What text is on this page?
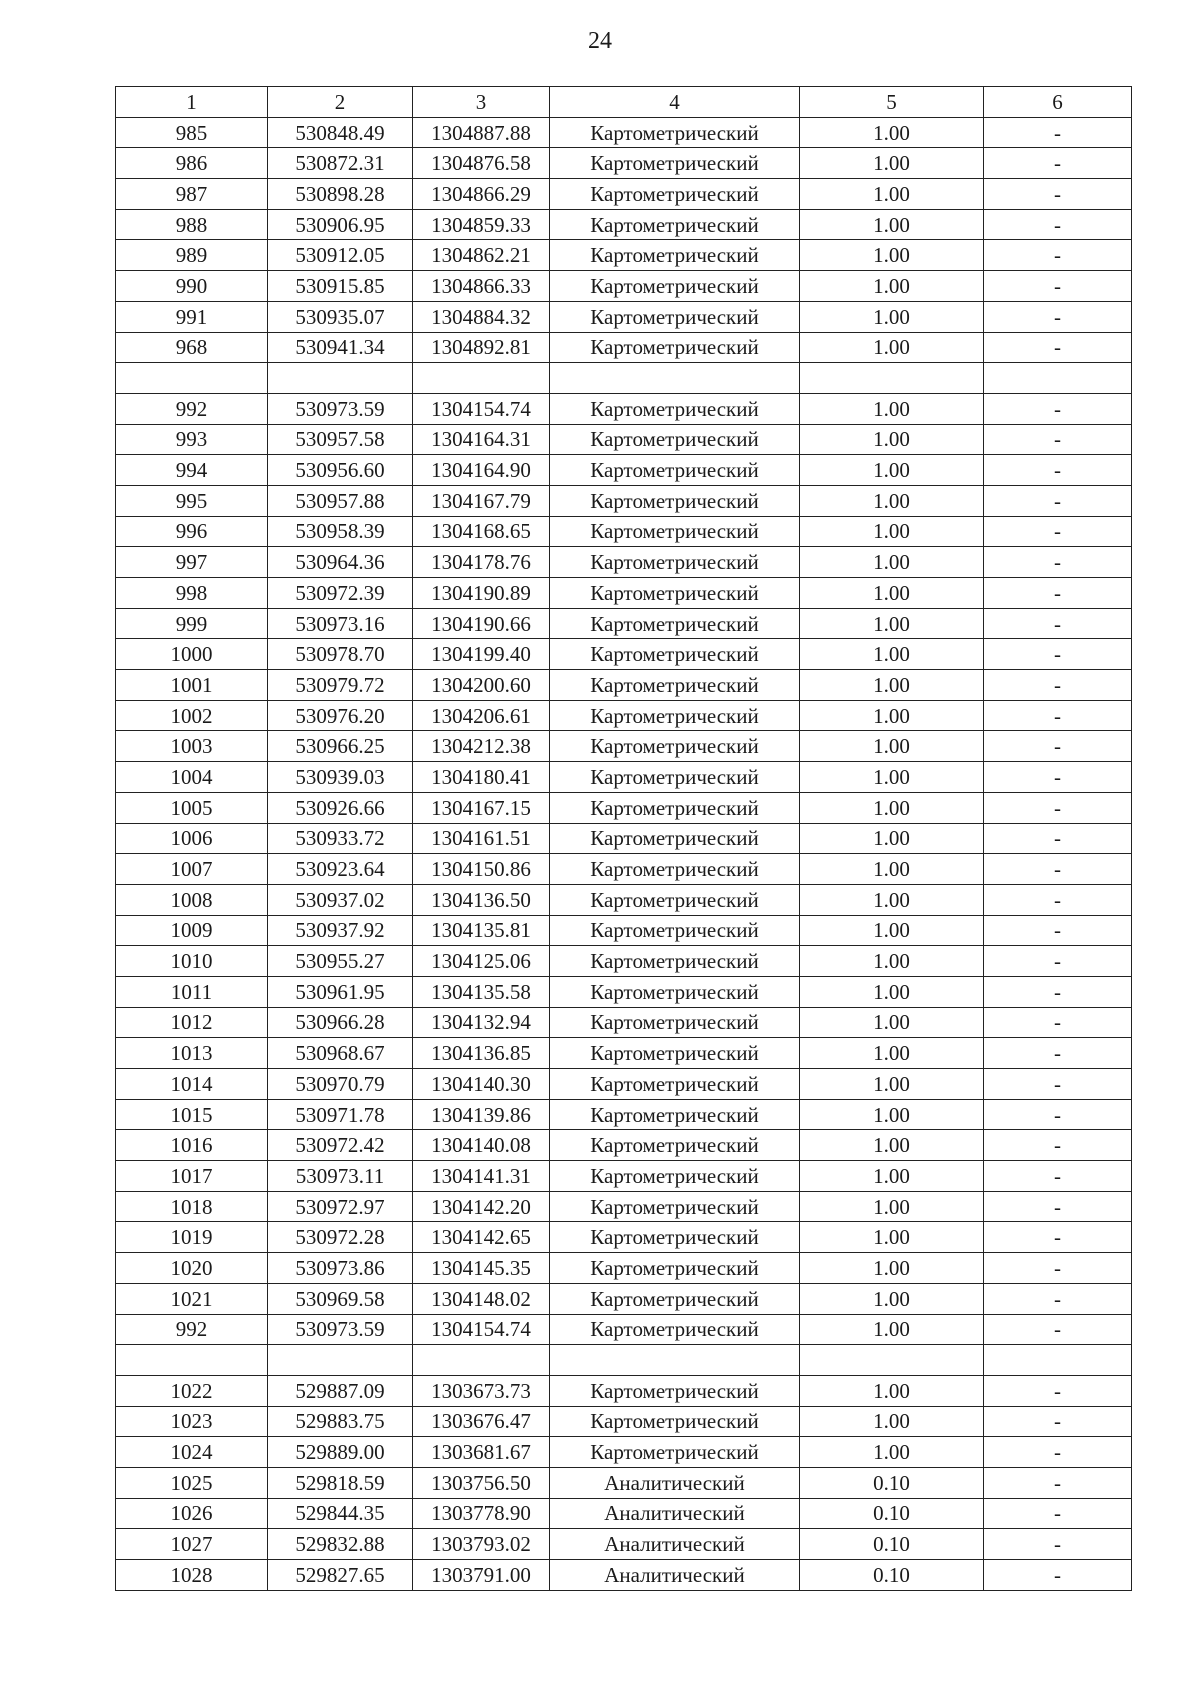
24
1	2	3	4	5	6
985	530848.49	1304887.88	Картометрический	1.00	-
986	530872.31	1304876.58	Картометрический	1.00	-
987	530898.28	1304866.29	Картометрический	1.00	-
988	530906.95	1304859.33	Картометрический	1.00	-
989	530912.05	1304862.21	Картометрический	1.00	-
990	530915.85	1304866.33	Картометрический	1.00	-
991	530935.07	1304884.32	Картометрический	1.00	-
968	530941.34	1304892.81	Картометрический	1.00	-

992	530973.59	1304154.74	Картометрический	1.00	-
993	530957.58	1304164.31	Картометрический	1.00	-
994	530956.60	1304164.90	Картометрический	1.00	-
995	530957.88	1304167.79	Картометрический	1.00	-
996	530958.39	1304168.65	Картометрический	1.00	-
997	530964.36	1304178.76	Картометрический	1.00	-
998	530972.39	1304190.89	Картометрический	1.00	-
999	530973.16	1304190.66	Картометрический	1.00	-
1000	530978.70	1304199.40	Картометрический	1.00	-
1001	530979.72	1304200.60	Картометрический	1.00	-
1002	530976.20	1304206.61	Картометрический	1.00	-
1003	530966.25	1304212.38	Картометрический	1.00	-
1004	530939.03	1304180.41	Картометрический	1.00	-
1005	530926.66	1304167.15	Картометрический	1.00	-
1006	530933.72	1304161.51	Картометрический	1.00	-
1007	530923.64	1304150.86	Картометрический	1.00	-
1008	530937.02	1304136.50	Картометрический	1.00	-
1009	530937.92	1304135.81	Картометрический	1.00	-
1010	530955.27	1304125.06	Картометрический	1.00	-
1011	530961.95	1304135.58	Картометрический	1.00	-
1012	530966.28	1304132.94	Картометрический	1.00	-
1013	530968.67	1304136.85	Картометрический	1.00	-
1014	530970.79	1304140.30	Картометрический	1.00	-
1015	530971.78	1304139.86	Картометрический	1.00	-
1016	530972.42	1304140.08	Картометрический	1.00	-
1017	530973.11	1304141.31	Картометрический	1.00	-
1018	530972.97	1304142.20	Картометрический	1.00	-
1019	530972.28	1304142.65	Картометрический	1.00	-
1020	530973.86	1304145.35	Картометрический	1.00	-
1021	530969.58	1304148.02	Картометрический	1.00	-
992	530973.59	1304154.74	Картометрический	1.00	-

1022	529887.09	1303673.73	Картометрический	1.00	-
1023	529883.75	1303676.47	Картометрический	1.00	-
1024	529889.00	1303681.67	Картометрический	1.00	-
1025	529818.59	1303756.50	Аналитический	0.10	-
1026	529844.35	1303778.90	Аналитический	0.10	-
1027	529832.88	1303793.02	Аналитический	0.10	-
1028	529827.65	1303791.00	Аналитический	0.10	-
